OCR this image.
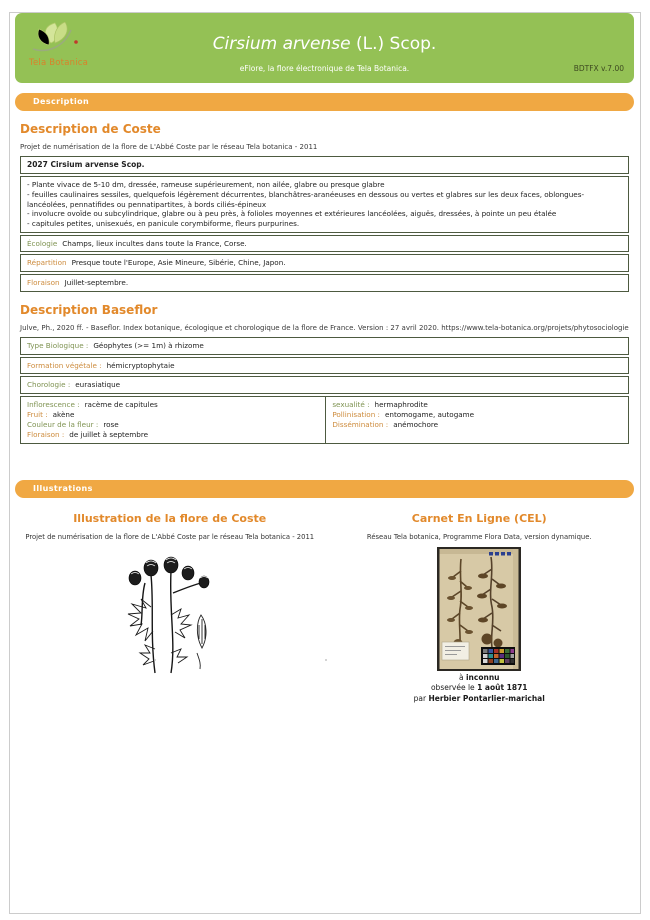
Tela Botanica
Cirsium arvense (L.) Scop.
eFlore, la flore électronique de Tela Botanica.	BDTFX v.7.00
Description
Description de Coste
Projet de numérisation de la flore de L'Abbé Coste par le réseau Tela botanica - 2011
2027 Cirsium arvense Scop.
- Plante vivace de 5-10 dm, dressée, rameuse supérieurement, non ailée, glabre ou presque glabre
- feuilles caulinaires sessiles, quelquefois légèrement décurrentes, blanchâtres-aranéeuses en dessous ou vertes et glabres sur les deux faces, oblongues-lancéolées, pennatifides ou pennatipartites, à bords ciliés-épineux
- involucre ovoïde ou subcylindrique, glabre ou à peu près, à folioles moyennes et extérieures lancéolées, aiguës, dressées, à pointe un peu étalée
- capitules petites, unisexués, en panicule corymbiforme, fleurs purpurines.
Écologie Champs, lieux incultes dans toute la France, Corse.
Répartition Presque toute l'Europe, Asie Mineure, Sibérie, Chine, Japon.
Floraison Juillet-septembre.
Description Baseflor
Julve, Ph., 2020 ff. - Baseflor. Index botanique, écologique et chorologique de la flore de France. Version : 27 avril 2020. https://www.tela-botanica.org/projets/phytosociologie
Type Biologique : Géophytes (>= 1m) à rhizome
Formation végétale : hémicryptophytaie
Chorologie : eurasiatique
Inflorescence : racème de capitules
Fruit : akène
Couleur de la fleur : rose
Floraison : de juillet à septembre
sexualité : hermaphrodite
Pollinisation : entomogame, autogame
Dissémination : anémochore
Illustrations
Illustration de la flore de Coste
Projet de numérisation de la flore de L'Abbé Coste par le réseau Tela botanica - 2011
Carnet En Ligne (CEL)
Réseau Tela botanica, Programme Flora Data, version dynamique.
à inconnu
observée le 1 août 1871
par Herbier Pontarlier-marichal
